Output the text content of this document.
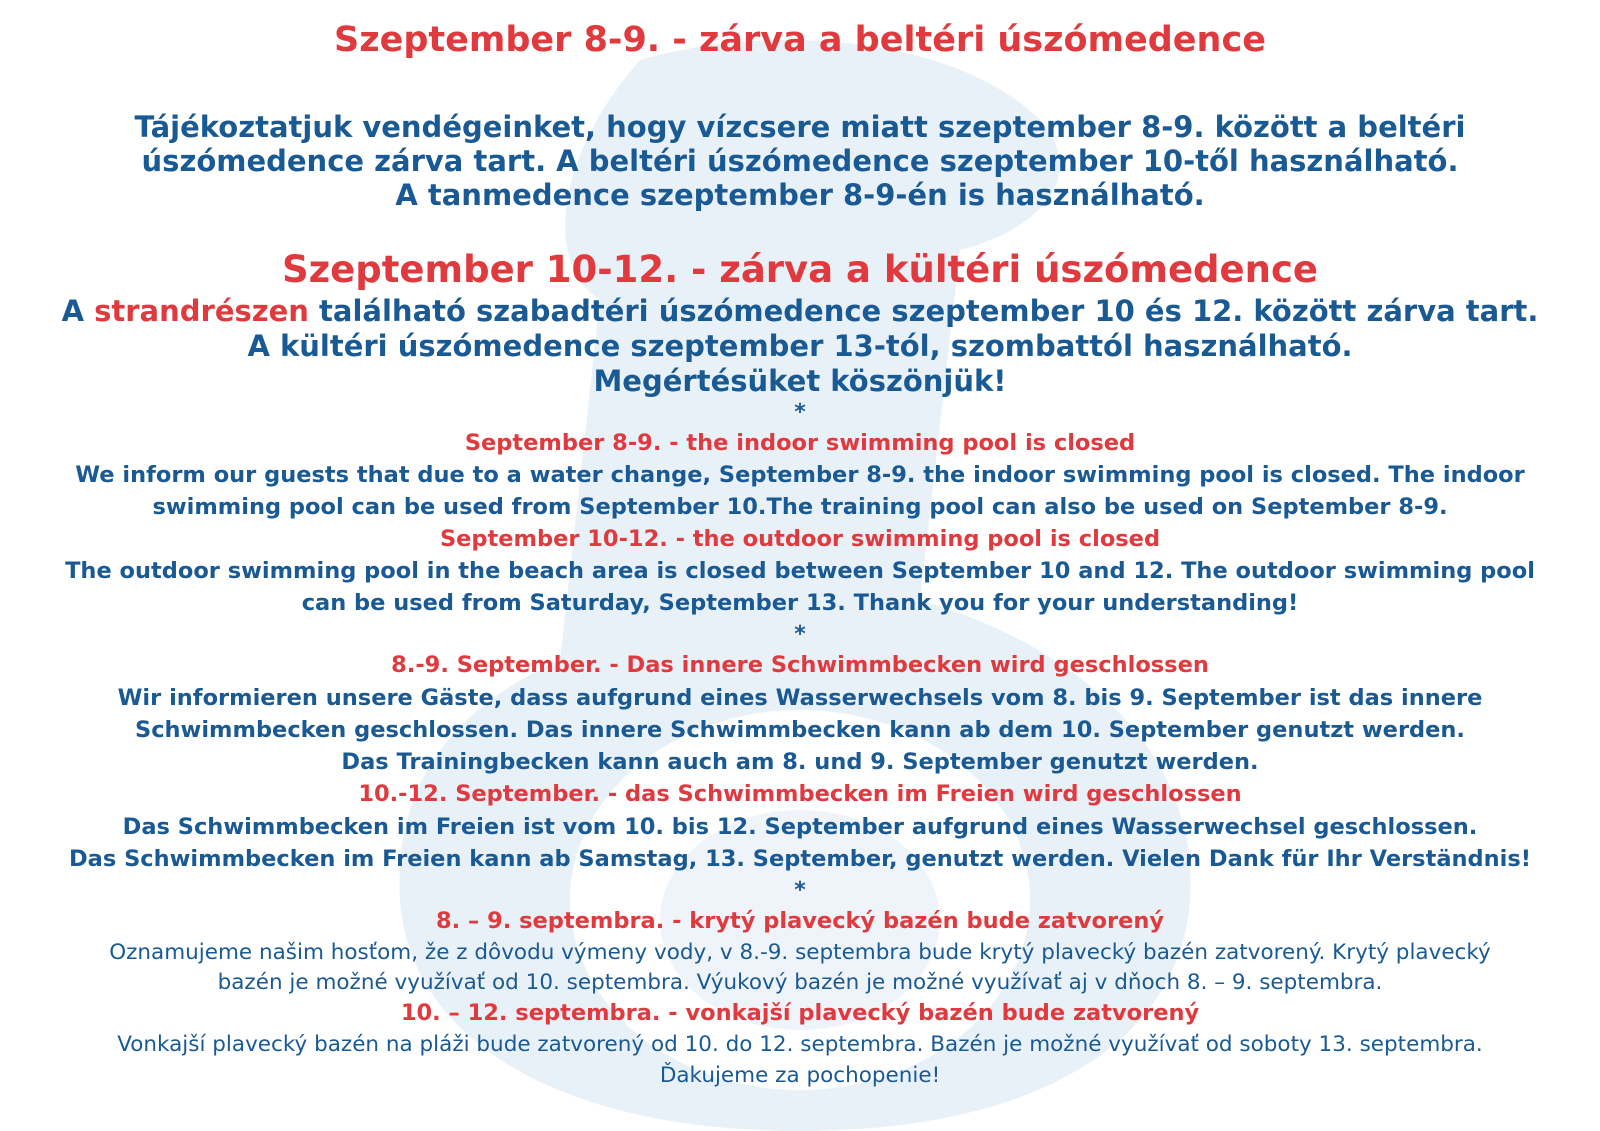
Szeptember 8-9. - zárva a beltéri úszómedence
Tájékoztatjuk vendégeinket, hogy vízcsere miatt szeptember 8-9. között a beltéri
úszómedence zárva tart. A beltéri úszómedence szeptember 10-től használható.
A tanmedence szeptember 8-9-én is használható.
Szeptember 10-12. - zárva a kültéri úszómedence
A strandrészen található szabadtéri úszómedence szeptember 10 és 12. között zárva tart.
A kültéri úszómedence szeptember 13-tól, szombattól használható.
Megértésüket köszönjük!
*
September 8-9. - the indoor swimming pool is closed
We inform our guests that due to a water change, September 8-9. the indoor swimming pool is closed. The indoor
swimming pool can be used from September 10.The training pool can also be used on September 8-9.
September 10-12. - the outdoor swimming pool is closed
The outdoor swimming pool in the beach area is closed between September 10 and 12. The outdoor swimming pool
can be used from Saturday, September 13. Thank you for your understanding!
*
8.-9. September. - Das innere Schwimmbecken wird geschlossen
Wir informieren unsere Gäste, dass aufgrund eines Wasserwechsels vom 8. bis 9. September ist das innere
Schwimmbecken geschlossen. Das innere Schwimmbecken kann ab dem 10. September genutzt werden.
Das Trainingbecken kann auch am 8. und 9. September genutzt werden.
10.-12. September. - das Schwimmbecken im Freien wird geschlossen
Das Schwimmbecken im Freien ist vom 10. bis 12. September aufgrund eines Wasserwechsel geschlossen.
Das Schwimmbecken im Freien kann ab Samstag, 13. September, genutzt werden. Vielen Dank für Ihr Verständnis!
*
8. – 9. septembra. - krytý plavecký bazén bude zatvorený
Oznamujeme našim hosťom, že z dôvodu výmeny vody, v 8.-9. septembra bude krytý plavecký bazén zatvorený. Krytý plavecký
bazén je možné využívať od 10. septembra. Výukový bazén je možné využívať aj v dňoch 8. – 9. septembra.
10. – 12. septembra. - vonkajší plavecký bazén bude zatvorený
Vonkajší plavecký bazén na pláži bude zatvorený od 10. do 12. septembra. Bazén je možné využívať od soboty 13. septembra.
Ďakujeme za pochopenie!
